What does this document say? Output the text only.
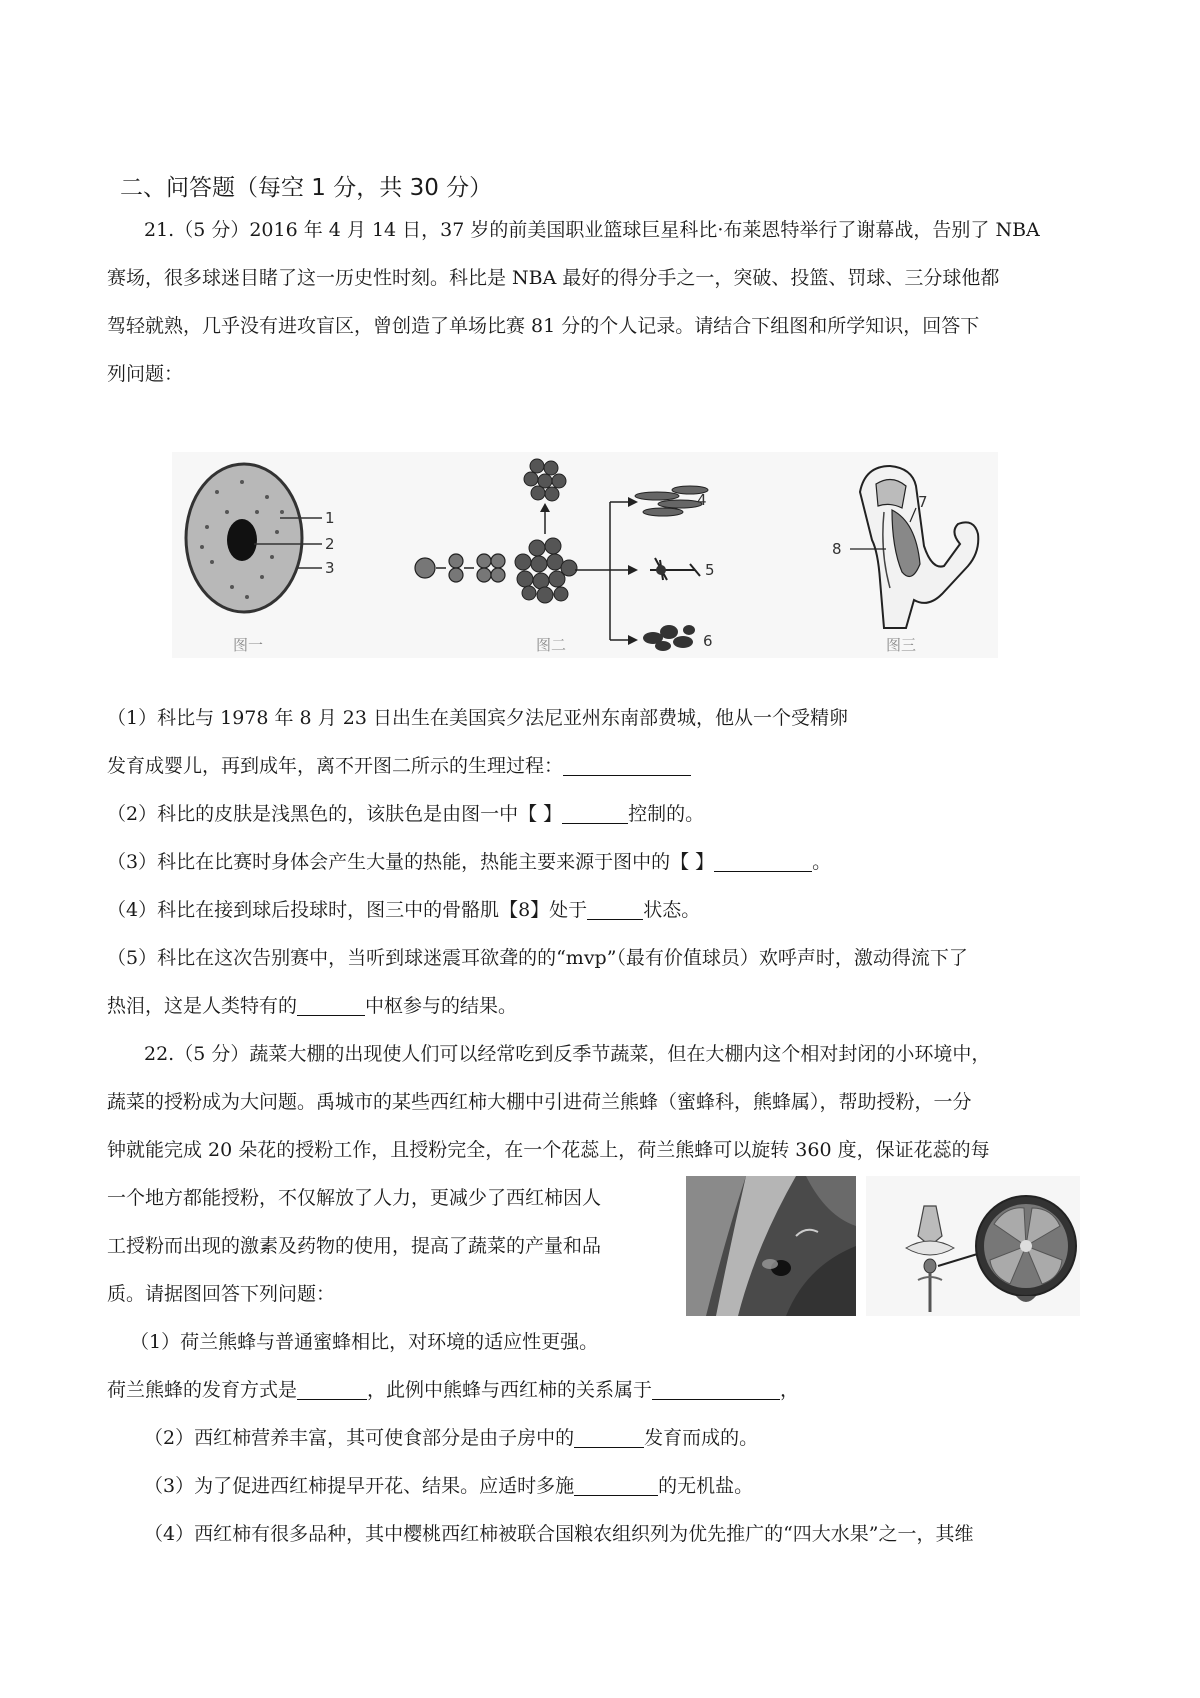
二、问答题（每空 1 分，共 30 分）
21.（5 分）2016 年 4 月 14 日，37 岁的前美国职业篮球巨星科比·布莱恩特举行了谢幕战，告别了 NBA
赛场，很多球迷目睹了这一历史性时刻。科比是 NBA 最好的得分手之一，突破、投篮、罚球、三分球他都
驾轻就熟，几乎没有进攻盲区，曾创造了单场比赛 81 分的个人记录。请结合下组图和所学知识，回答下
列问题：
1
2
3
图一
4
5
6
图二
7
8
图三
（1）科比与 1978 年 8 月 23 日出生在美国宾夕法尼亚州东南部费城，他从一个受精卵
发育成婴儿，再到成年，离不开图二所示的生理过程：
（2）科比的皮肤是浅黑色的，该肤色是由图一中【 】	控制的。
（3）科比在比赛时身体会产生大量的热能，热能主要来源于图中的【 】	。
（4）科比在接到球后投球时，图三中的骨骼肌【8】处于	状态。
（5）科比在这次告别赛中，当听到球迷震耳欲聋的的“mvp”（最有价值球员）欢呼声时，激动得流下了
热泪，这是人类特有的	中枢参与的结果。
22.（5 分）蔬菜大棚的出现使人们可以经常吃到反季节蔬菜，但在大棚内这个相对封闭的小环境中，
蔬菜的授粉成为大问题。禹城市的某些西红柿大棚中引进荷兰熊蜂（蜜蜂科，熊蜂属），帮助授粉，一分
钟就能完成 20 朵花的授粉工作，且授粉完全，在一个花蕊上，荷兰熊蜂可以旋转 360 度，保证花蕊的每
一个地方都能授粉，不仅解放了人力，更减少了西红柿因人
工授粉而出现的激素及药物的使用，提高了蔬菜的产量和品
质。请据图回答下列问题：
（1）荷兰熊蜂与普通蜜蜂相比，对环境的适应性更强。
荷兰熊蜂的发育方式是	，此例中熊蜂与西红柿的关系属于	，
（2）西红柿营养丰富，其可使食部分是由子房中的	发育而成的。
（3）为了促进西红柿提早开花、结果。应适时多施	的无机盐。
（4）西红柿有很多品种，其中樱桃西红柿被联合国粮农组织列为优先推广的“四大水果”之一，其维
